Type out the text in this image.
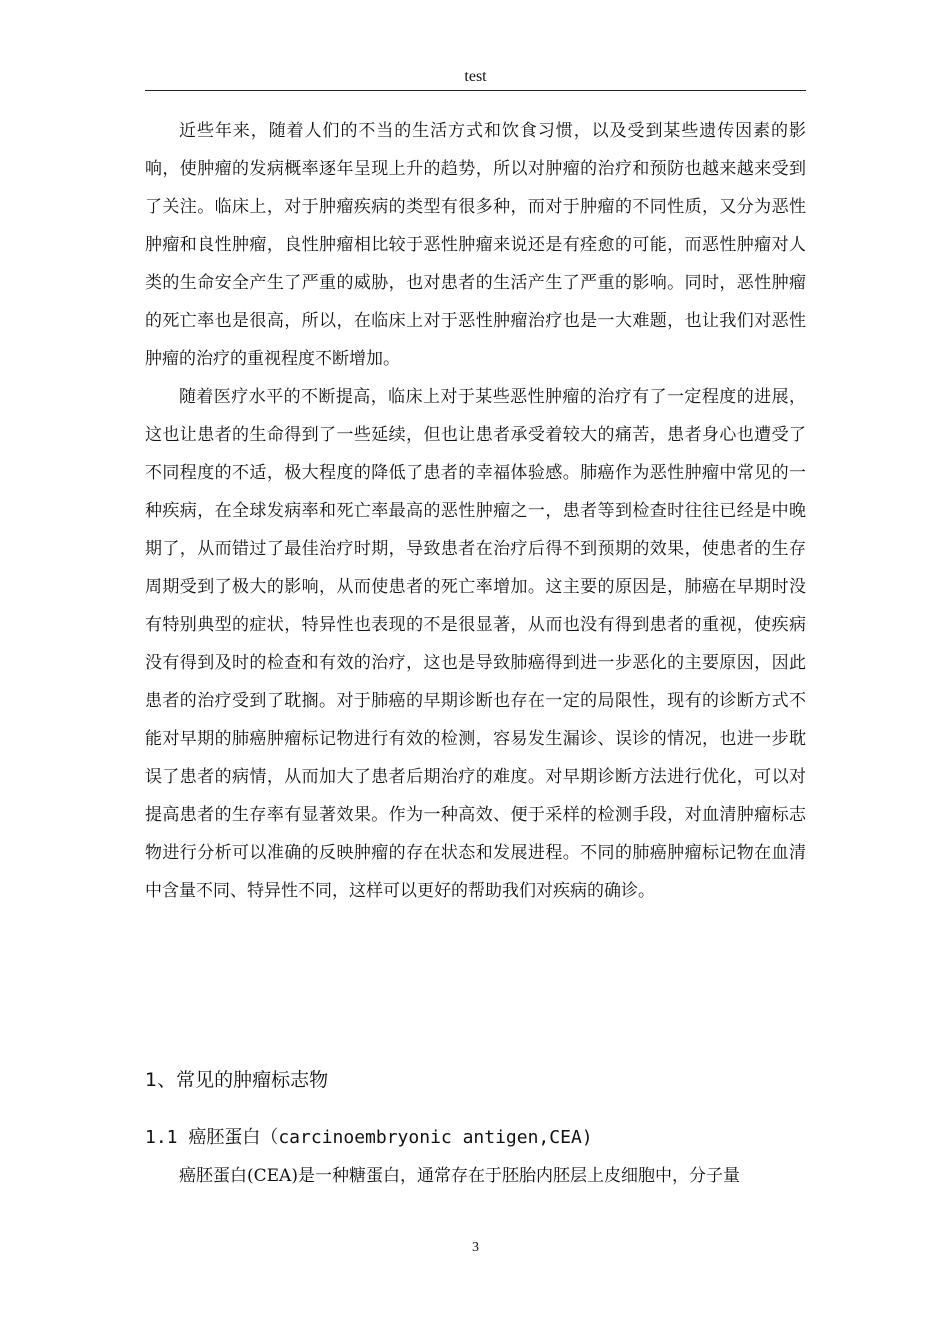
test

近些年来，随着人们的不当的生活方式和饮食习惯，以及受到某些遗传因素的影响，使肿瘤的发病概率逐年呈现上升的趋势，所以对肿瘤的治疗和预防也越来越来受到了关注。临床上，对于肿瘤疾病的类型有很多种，而对于肿瘤的不同性质，又分为恶性肿瘤和良性肿瘤，良性肿瘤相比较于恶性肿瘤来说还是有痊愈的可能，而恶性肿瘤对人类的生命安全产生了严重的威胁，也对患者的生活产生了严重的影响。同时，恶性肿瘤的死亡率也是很高，所以，在临床上对于恶性肿瘤治疗也是一大难题，也让我们对恶性肿瘤的治疗的重视程度不断增加。

随着医疗水平的不断提高，临床上对于某些恶性肿瘤的治疗有了一定程度的进展，这也让患者的生命得到了一些延续，但也让患者承受着较大的痛苦，患者身心也遭受了不同程度的不适，极大程度的降低了患者的幸福体验感。肺癌作为恶性肿瘤中常见的一种疾病，在全球发病率和死亡率最高的恶性肿瘤之一，患者等到检查时往往已经是中晚期了，从而错过了最佳治疗时期，导致患者在治疗后得不到预期的效果，使患者的生存周期受到了极大的影响，从而使患者的死亡率增加。这主要的原因是，肺癌在早期时没有特别典型的症状，特异性也表现的不是很显著，从而也没有得到患者的重视，使疾病没有得到及时的检查和有效的治疗，这也是导致肺癌得到进一步恶化的主要原因，因此患者的治疗受到了耽搁。对于肺癌的早期诊断也存在一定的局限性，现有的诊断方式不能对早期的肺癌肿瘤标记物进行有效的检测，容易发生漏诊、误诊的情况，也进一步耽误了患者的病情，从而加大了患者后期治疗的难度。对早期诊断方法进行优化，可以对提高患者的生存率有显著效果。作为一种高效、便于采样的检测手段，对血清肿瘤标志物进行分析可以准确的反映肿瘤的存在状态和发展进程。不同的肺癌肿瘤标记物在血清中含量不同、特异性不同，这样可以更好的帮助我们对疾病的确诊。

1、常见的肿瘤标志物
1.1 癌胚蛋白（carcinoembryonic antigen,CEA)
癌胚蛋白(CEA)是一种糖蛋白，通常存在于胚胎内胚层上皮细胞中，分子量
3
